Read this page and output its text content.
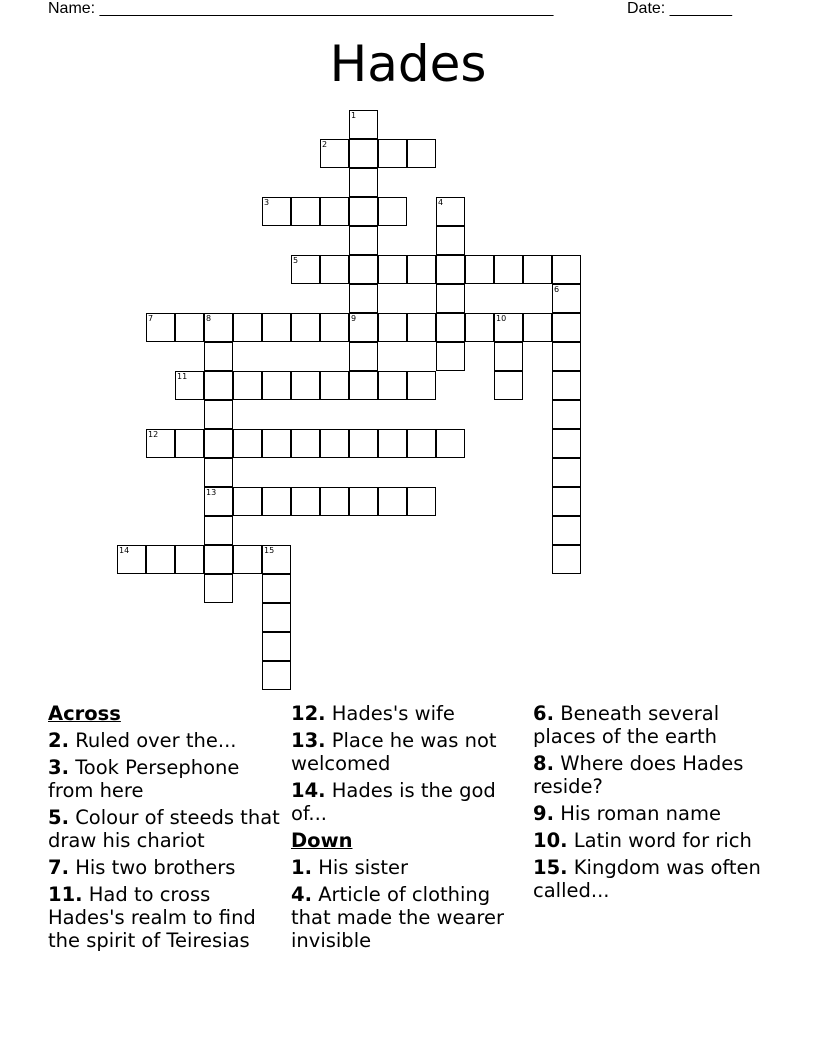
Name: ___________________________________________________	Date: _______
Hades
2
3
5
7	8	9	10
11
12
13
14	15
1
4
6
Across
2. Ruled over the...
3. Took Persephone from here
5. Colour of steeds that draw his chariot
7. His two brothers
11. Had to cross Hades's realm to find the spirit of Teiresias
12. Hades's wife
13. Place he was not welcomed
14. Hades is the god of...
Down
1. His sister
4. Article of clothing that made the wearer invisible
6. Beneath several places of the earth
8. Where does Hades reside?
9. His roman name
10. Latin word for rich
15. Kingdom was often called...
